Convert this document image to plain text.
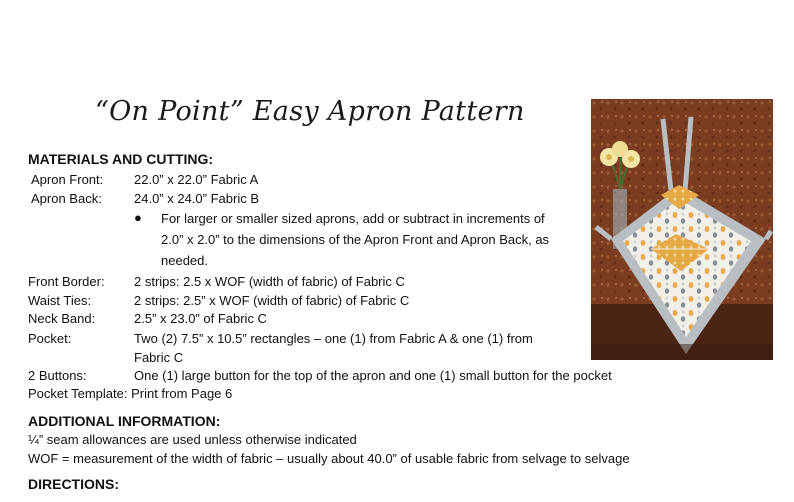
“On Point” Easy Apron Pattern
MATERIALS AND CUTTING:
Apron Front: 22.0” x 22.0” Fabric A
Apron Back: 24.0” x 24.0” Fabric B
● For larger or smaller sized aprons, add or subtract in increments of
2.0” x 2.0” to the dimensions of the Apron Front and Apron Back, as
needed.
Front Border: 2 strips: 2.5 x WOF (width of fabric) of Fabric C
Waist Ties:	2 strips: 2.5” x WOF (width of fabric) of Fabric C
Neck Band:	2.5” x 23.0” of Fabric C
Pocket:	Two (2) 7.5” x 10.5” rectangles – one (1) from Fabric A & one (1) from
Fabric C
2 Buttons:	One (1) large button for the top of the apron and one (1) small button for the pocket
Pocket Template: Print from Page 6
ADDITIONAL INFORMATION:
¼” seam allowances are used unless otherwise indicated
WOF = measurement of the width of fabric – usually about 40.0” of usable fabric from selvage to selvage
DIRECTIONS:
